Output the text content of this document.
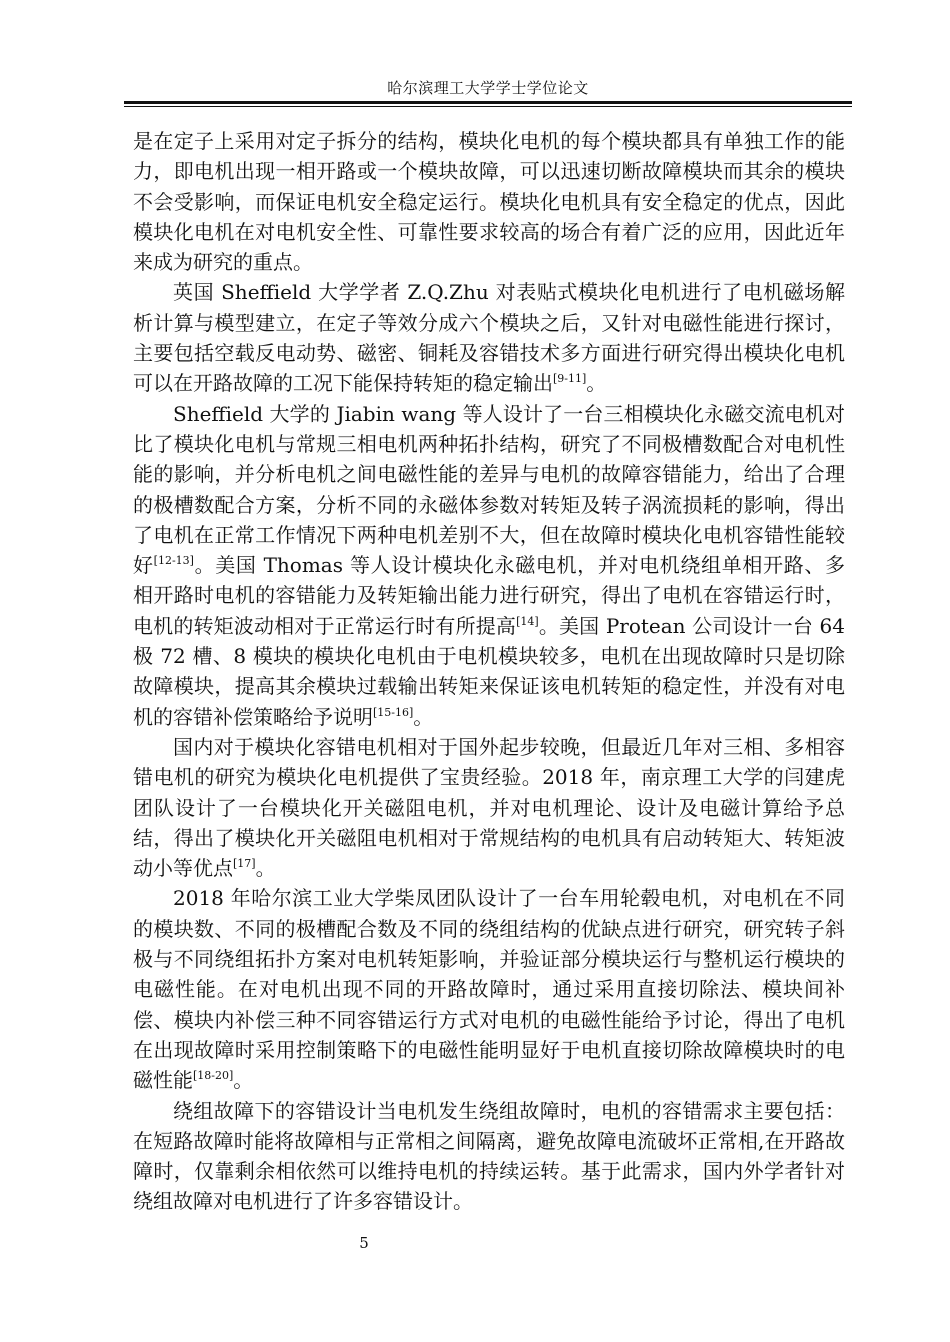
哈尔滨理工大学学士学位论文

是在定子上采用对定子拆分的结构，模块化电机的每个模块都具有单独工作的能力，即电机出现一相开路或一个模块故障，可以迅速切断故障模块而其余的模块不会受影响，而保证电机安全稳定运行。模块化电机具有安全稳定的优点，因此模块化电机在对电机安全性、可靠性要求较高的场合有着广泛的应用，因此近年来成为研究的重点。

英国 Sheffield 大学学者 Z.Q.Zhu 对表贴式模块化电机进行了电机磁场解析计算与模型建立，在定子等效分成六个模块之后，又针对电磁性能进行探讨，主要包括空载反电动势、磁密、铜耗及容错技术多方面进行研究得出模块化电机可以在开路故障的工况下能保持转矩的稳定输出[9-11]。

Sheffield 大学的 Jiabin wang 等人设计了一台三相模块化永磁交流电机对比了模块化电机与常规三相电机两种拓扑结构，研究了不同极槽数配合对电机性能的影响，并分析电机之间电磁性能的差异与电机的故障容错能力，给出了合理的极槽数配合方案，分析不同的永磁体参数对转矩及转子涡流损耗的影响，得出了电机在正常工作情况下两种电机差别不大，但在故障时模块化电机容错性能较好[12-13]。美国 Thomas 等人设计模块化永磁电机，并对电机绕组单相开路、多相开路时电机的容错能力及转矩输出能力进行研究，得出了电机在容错运行时，电机的转矩波动相对于正常运行时有所提高[14]。美国 Protean 公司设计一台 64 极 72 槽、8 模块的模块化电机由于电机模块较多，电机在出现故障时只是切除故障模块，提高其余模块过载输出转矩来保证该电机转矩的稳定性，并没有对电机的容错补偿策略给予说明[15-16]。

国内对于模块化容错电机相对于国外起步较晚，但最近几年对三相、多相容错电机的研究为模块化电机提供了宝贵经验。2018 年，南京理工大学的闫建虎团队设计了一台模块化开关磁阻电机，并对电机理论、设计及电磁计算给予总结，得出了模块化开关磁阻电机相对于常规结构的电机具有启动转矩大、转矩波动小等优点[17]。

2018 年哈尔滨工业大学柴凤团队设计了一台车用轮毂电机，对电机在不同的模块数、不同的极槽配合数及不同的绕组结构的优缺点进行研究，研究转子斜极与不同绕组拓扑方案对电机转矩影响，并验证部分模块运行与整机运行模块的电磁性能。在对电机出现不同的开路故障时，通过采用直接切除法、模块间补偿、模块内补偿三种不同容错运行方式对电机的电磁性能给予讨论，得出了电机在出现故障时采用控制策略下的电磁性能明显好于电机直接切除故障模块时的电磁性能[18-20]。

绕组故障下的容错设计当电机发生绕组故障时，电机的容错需求主要包括：在短路故障时能将故障相与正常相之间隔离，避免故障电流破坏正常相,在开路故障时，仅靠剩余相依然可以维持电机的持续运转。基于此需求，国内外学者针对绕组故障对电机进行了许多容错设计。

5
